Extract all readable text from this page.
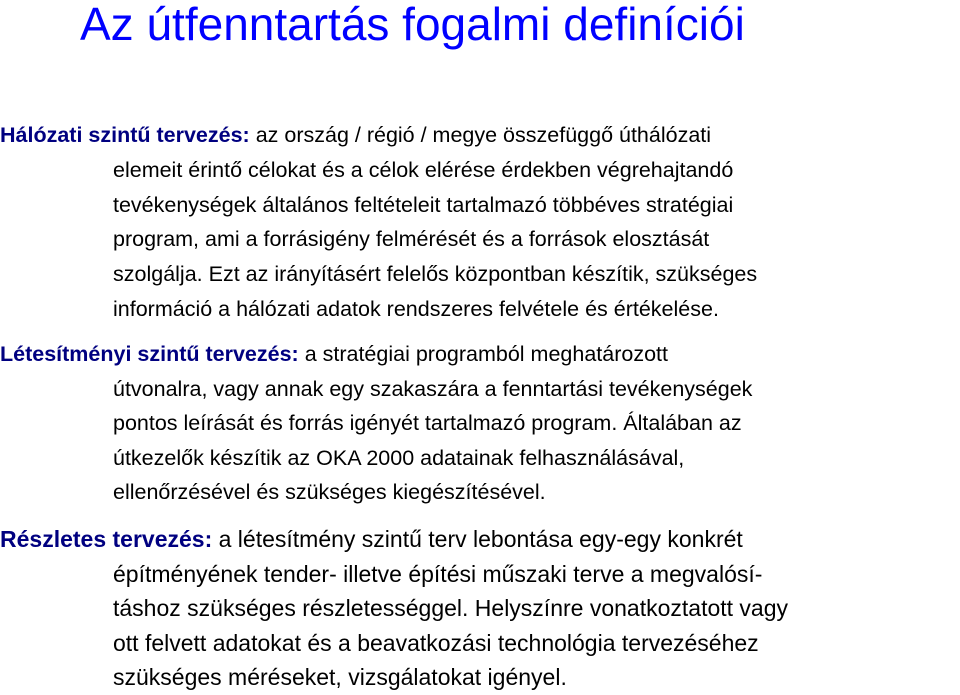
Az útfenntartás fogalmi definíciói
Hálózati szintű tervezés: az ország / régió / megye összefüggő úthálózati
elemeit érintő célokat és a célok elérése érdekben végrehajtandó
tevékenységek általános feltételeit tartalmazó többéves stratégiai
program, ami a forrásigény felmérését és a források elosztását
szolgálja. Ezt az irányításért felelős központban készítik, szükséges
információ a hálózati adatok rendszeres felvétele és értékelése.
Létesítményi szintű tervezés: a stratégiai programból meghatározott
útvonalra, vagy annak egy szakaszára a fenntartási tevékenységek
pontos leírását és forrás igényét tartalmazó program. Általában az
útkezelők készítik az OKA 2000 adatainak felhasználásával,
ellenőrzésével és szükséges kiegészítésével.
Részletes tervezés: a létesítmény szintű terv lebontása egy-egy konkrét
építményének tender- illetve építési műszaki terve a megvalósí-
táshoz szükséges részletességgel. Helyszínre vonatkoztatott vagy
ott felvett adatokat és a beavatkozási technológia tervezéséhez
szükséges méréseket, vizsgálatokat igényel.
